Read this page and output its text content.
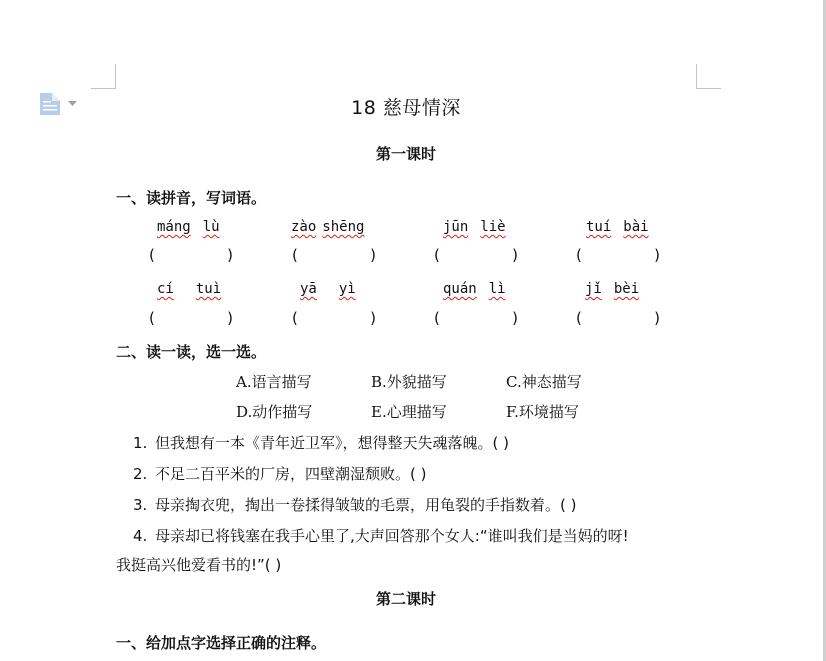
18 慈母情深
第一课时
一、读拼音，写词语。
máng lù	zào shēng	jūn liè	tuí bài
(	)	(	)	(	)	(	)
cí tuì	yā yì	quán lì	jǐ bèi
(	)	(	)	(	)	(	)
二、读一读，选一选。
A.语言描写	B.外貌描写	C.神态描写
D.动作描写	E.心理描写	F.环境描写
1. 但我想有一本《青年近卫军》，想得整天失魂落魄。( )
2. 不足二百平米的厂房，四壁潮湿颓败。( )
3. 母亲掏衣兜，掏出一卷揉得皱皱的毛票，用龟裂的手指数着。( )
4. 母亲却已将钱塞在我手心里了,大声回答那个女人:“谁叫我们是当妈的呀!
我挺高兴他爱看书的!”( )
第二课时
一、给加点字选择正确的注释。
